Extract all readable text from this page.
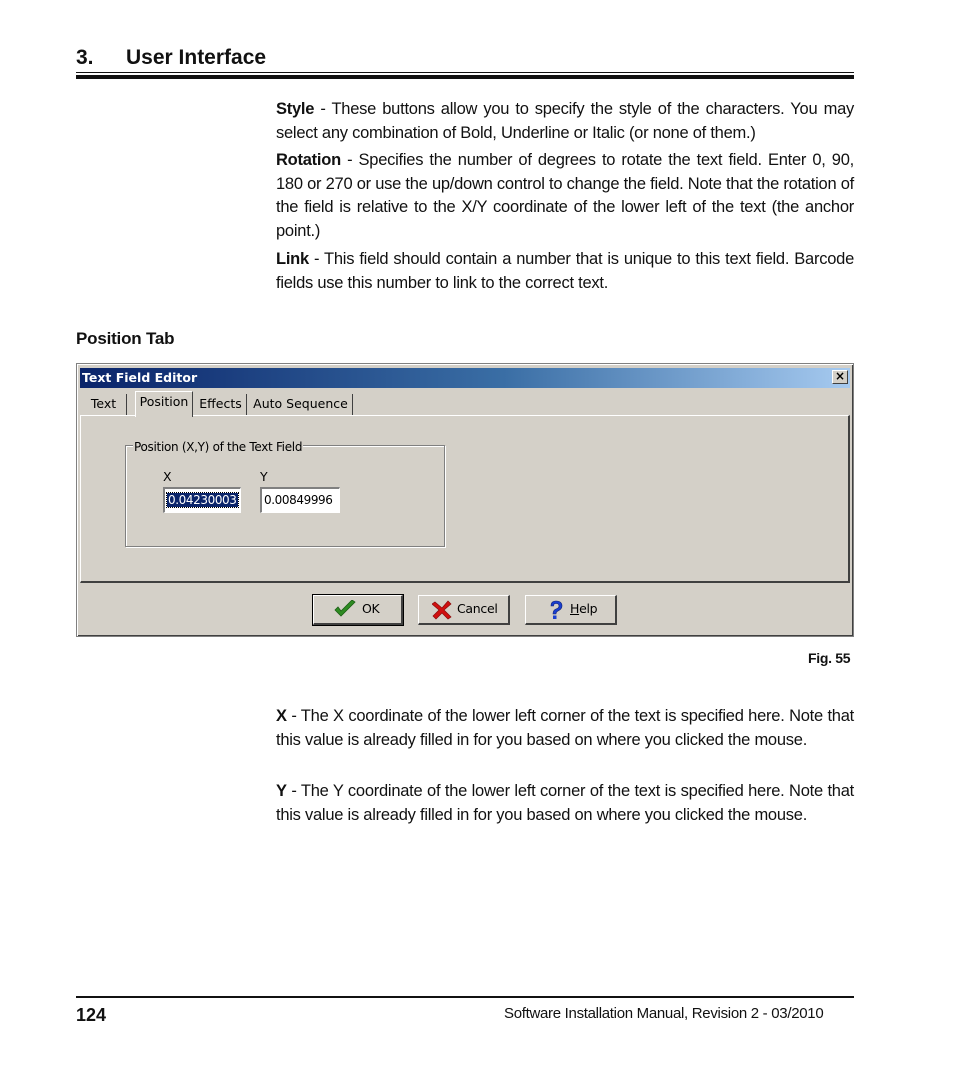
3. User Interface
Style - These buttons allow you to specify the style of the characters. You may select any combination of Bold, Underline or Italic (or none of them.)
Rotation - Specifies the number of degrees to rotate the text field. Enter 0, 90, 180 or 270 or use the up/down control to change the field. Note that the rotation of the field is relative to the X/Y coordinate of the lower left of the text (the anchor point.)
Link - This field should contain a number that is unique to this text field. Barcode fields use this number to link to the correct text.
Position Tab
Text Field Editor	×
Text	Position Effects Auto Sequence
Position (X,Y) of the Text Field
X	Y
0.04230003	0.00849996
OK	Cancel	Help
Fig. 55
X - The X coordinate of the lower left corner of the text is specified here. Note that this value is already filled in for you based on where you clicked the mouse.
Y - The Y coordinate of the lower left corner of the text is specified here. Note that this value is already filled in for you based on where you clicked the mouse.
124	Software Installation Manual, Revision 2 - 03/2010
